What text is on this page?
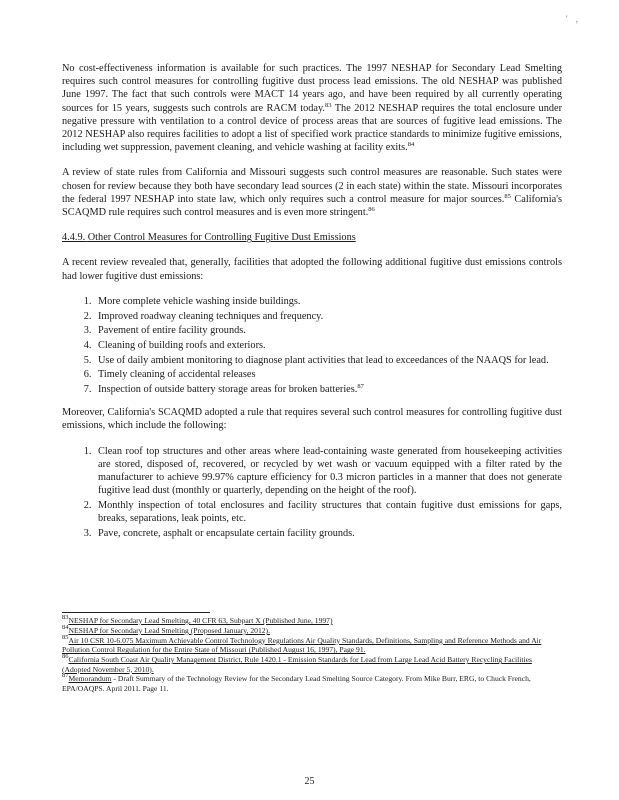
' ,

No cost-effectiveness information is available for such practices. The 1997 NESHAP for Secondary Lead Smelting requires such control measures for controlling fugitive dust process lead emissions. The old NESHAP was published June 1997. The fact that such controls were MACT 14 years ago, and have been required by all currently operating sources for 15 years, suggests such controls are RACM today.$^{83}$ The 2012 NESHAP requires the total enclosure under negative pressure with ventilation to a control device of process areas that are sources of fugitive lead emissions. The 2012 NESHAP also requires facilities to adopt a list of specified work practice standards to minimize fugitive emissions, including wet suppression, pavement cleaning, and vehicle washing at facility exits.$^{84}$

A review of state rules from California and Missouri suggests such control measures are reasonable. Such states were chosen for review because they both have secondary lead sources (2 in each state) within the state. Missouri incorporates the federal 1997 NESHAP into state law, which only requires such a control measure for major sources.$^{85}$ California's SCAQMD rule requires such control measures and is even more stringent.$^{86}$

4.4.9. Other Control Measures for Controlling Fugitive Dust Emissions

A recent review revealed that, generally, facilities that adopted the following additional fugitive dust emissions controls had lower fugitive dust emissions:

1. More complete vehicle washing inside buildings.
2. Improved roadway cleaning techniques and frequency.
3. Pavement of entire facility grounds.
4. Cleaning of building roofs and exteriors.
5. Use of daily ambient monitoring to diagnose plant activities that lead to exceedances of the NAAQS for lead.
6. Timely cleaning of accidental releases
7. Inspection of outside battery storage areas for broken batteries.$^{87}$

Moreover, California's SCAQMD adopted a rule that requires several such control measures for controlling fugitive dust emissions, which include the following:

1. Clean roof top structures and other areas where lead-containing waste generated from housekeeping activities are stored, disposed of, recovered, or recycled by wet wash or vacuum equipped with a filter rated by the manufacturer to achieve 99.97% capture efficiency for 0.3 micron particles in a manner that does not generate fugitive lead dust (monthly or quarterly, depending on the height of the roof).
2. Monthly inspection of total enclosures and facility structures that contain fugitive dust emissions for gaps, breaks, separations, leak points, etc.
3. Pave, concrete, asphalt or encapsulate certain facility grounds.
$^{83}$NESHAP for Secondary Lead Smelting, 40 CFR 63, Subpart X (Published June, 1997)
$^{84}$NESHAP for Secondary Lead Smelting (Proposed January, 2012).
$^{85}$Air 10 CSR 10-6.075 Maximum Achievable Control Technology Regulations Air Quality Standards, Definitions, Sampling and Reference Methods and Air Pollution Control Regulation for the Entire State of Missouri (Published August 16, 1997), Page 91.
$^{86}$California South Coast Air Quality Management District, Rule 1420.1 - Emission Standards for Lead from Large Lead Acid Battery Recycling Facilities (Adopted November 5, 2010).
$^{87}$Memorandum - Draft Summary of the Technology Review for the Secondary Lead Smelting Source Category. From Mike Burr, ERG, to Chuck French, EPA/OAQPS. April 2011. Page 11.
25
